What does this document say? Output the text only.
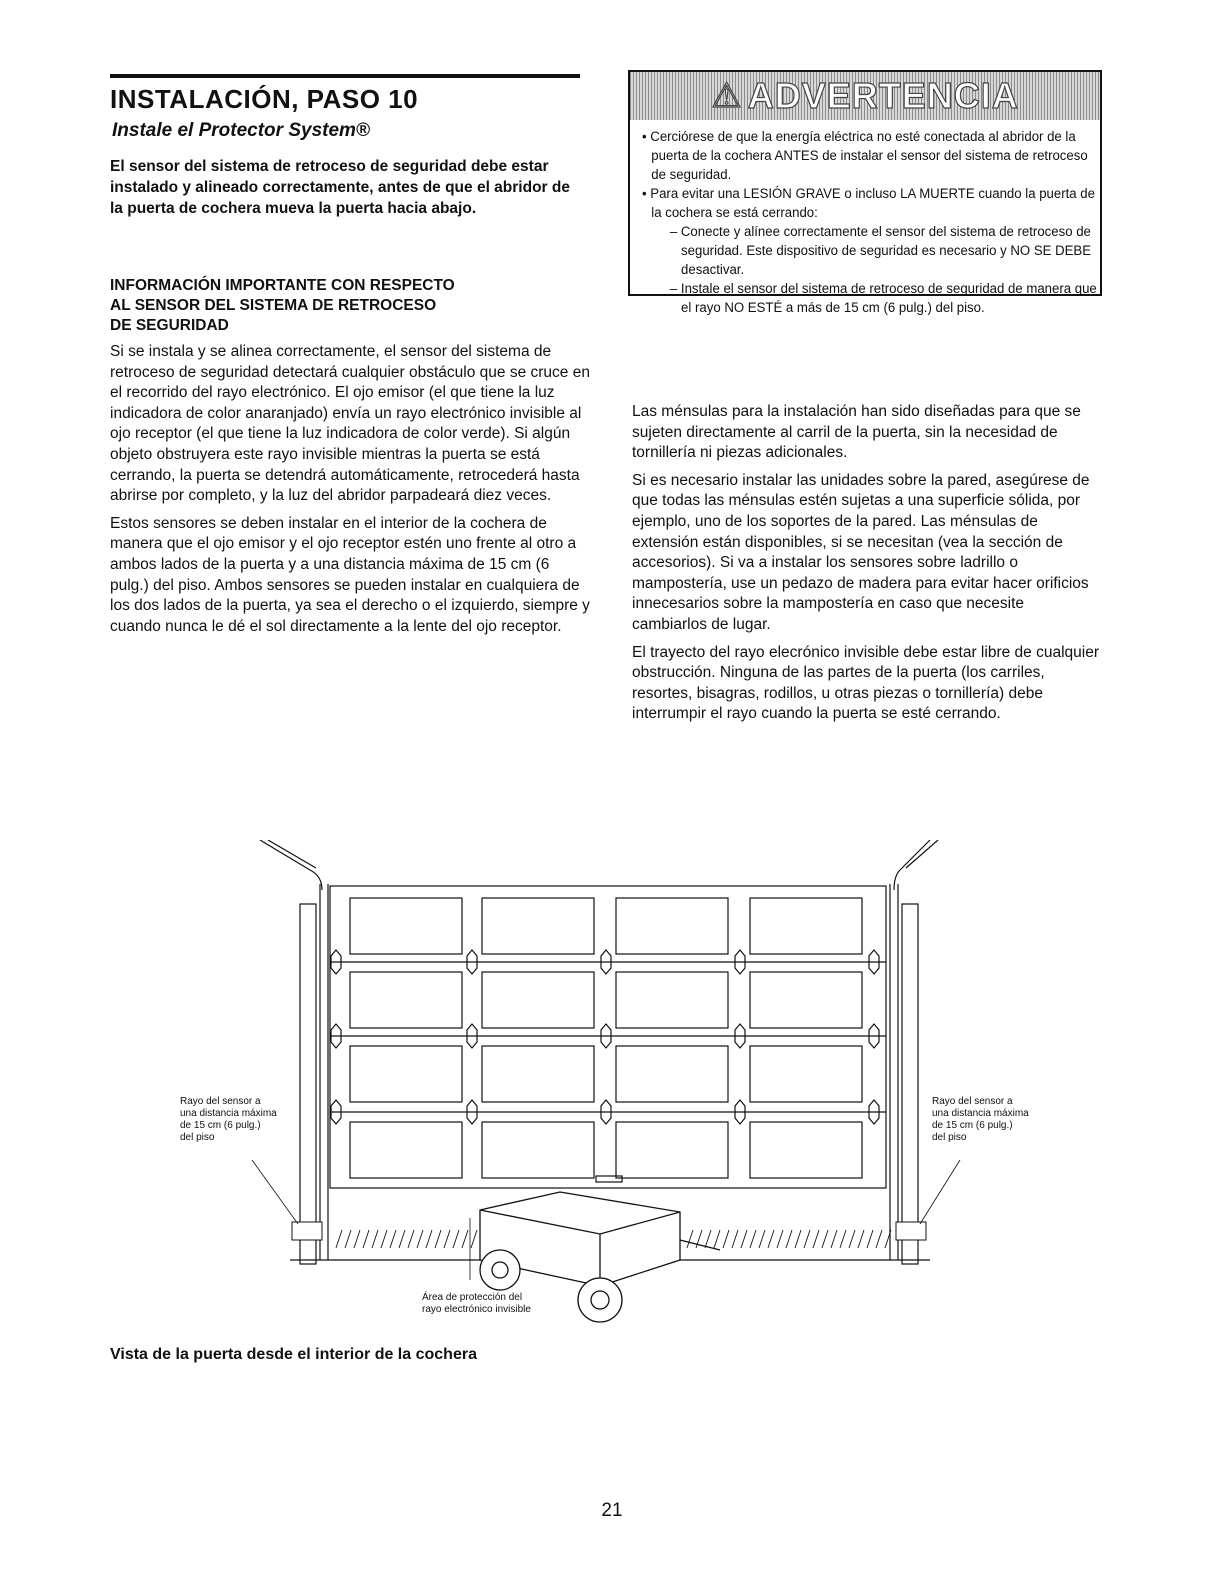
INSTALACIÓN, PASO 10
Instale el Protector System®
El sensor del sistema de retroceso de seguridad debe estar instalado y alineado correctamente, antes de que el abridor de la puerta de cochera mueva la puerta hacia abajo.
INFORMACIÓN IMPORTANTE CON RESPECTO
AL SENSOR DEL SISTEMA DE RETROCESO
DE SEGURIDAD

Si se instala y se alinea correctamente, el sensor del sistema de retroceso de seguridad detectará cualquier obstáculo que se cruce en el recorrido del rayo electrónico. El ojo emisor (el que tiene la luz indicadora de color anaranjado) envía un rayo electrónico invisible al ojo receptor (el que tiene la luz indicadora de color verde). Si algún objeto obstruyera este rayo invisible mientras la puerta se está cerrando, la puerta se detendrá automáticamente, retrocederá hasta abrirse por completo, y la luz del abridor parpadeará diez veces.

Estos sensores se deben instalar en el interior de la cochera de manera que el ojo emisor y el ojo receptor estén uno frente al otro a ambos lados de la puerta y a una distancia máxima de 15 cm (6 pulg.) del piso. Ambos sensores se pueden instalar en cualquiera de los dos lados de la puerta, ya sea el derecho o el izquierdo, siempre y cuando nunca le dé el sol directamente a la lente del ojo receptor.

⚠ ADVERTENCIA
• Cerciórese de que la energía eléctrica no esté conectada al abridor de la puerta de la cochera ANTES de instalar el sensor del sistema de retroceso de seguridad.
• Para evitar una LESIÓN GRAVE o incluso LA MUERTE cuando la puerta de la cochera se está cerrando:
– Conecte y alínee correctamente el sensor del sistema de retroceso de seguridad. Este dispositivo de seguridad es necesario y NO SE DEBE desactivar.
– Instale el sensor del sistema de retroceso de seguridad de manera que el rayo NO ESTÉ a más de 15 cm (6 pulg.) del piso.

Las ménsulas para la instalación han sido diseñadas para que se sujeten directamente al carril de la puerta, sin la necesidad de tornillería ni piezas adicionales.

Si es necesario instalar las unidades sobre la pared, asegúrese de que todas las ménsulas estén sujetas a una superficie sólida, por ejemplo, uno de los soportes de la pared. Las ménsulas de extensión están disponibles, si se necesitan (vea la sección de accesorios). Si va a instalar los sensores sobre ladrillo o mampostería, use un pedazo de madera para evitar hacer orificios innecesarios sobre la mampostería en caso que necesite cambiarlos de lugar.

El trayecto del rayo elecrónico invisible debe estar libre de cualquier obstrucción. Ninguna de las partes de la puerta (los carriles, resortes, bisagras, rodillos, u otras piezas o tornillería) debe interrumpir el rayo cuando la puerta se esté cerrando.

Rayo del sensor a una distancia máxima de 15 cm (6 pulg.) del piso
Rayo del sensor a una distancia máxima de 15 cm (6 pulg.) del piso
Área de protección del rayo electrónico invisible
Vista de la puerta desde el interior de la cochera
21
